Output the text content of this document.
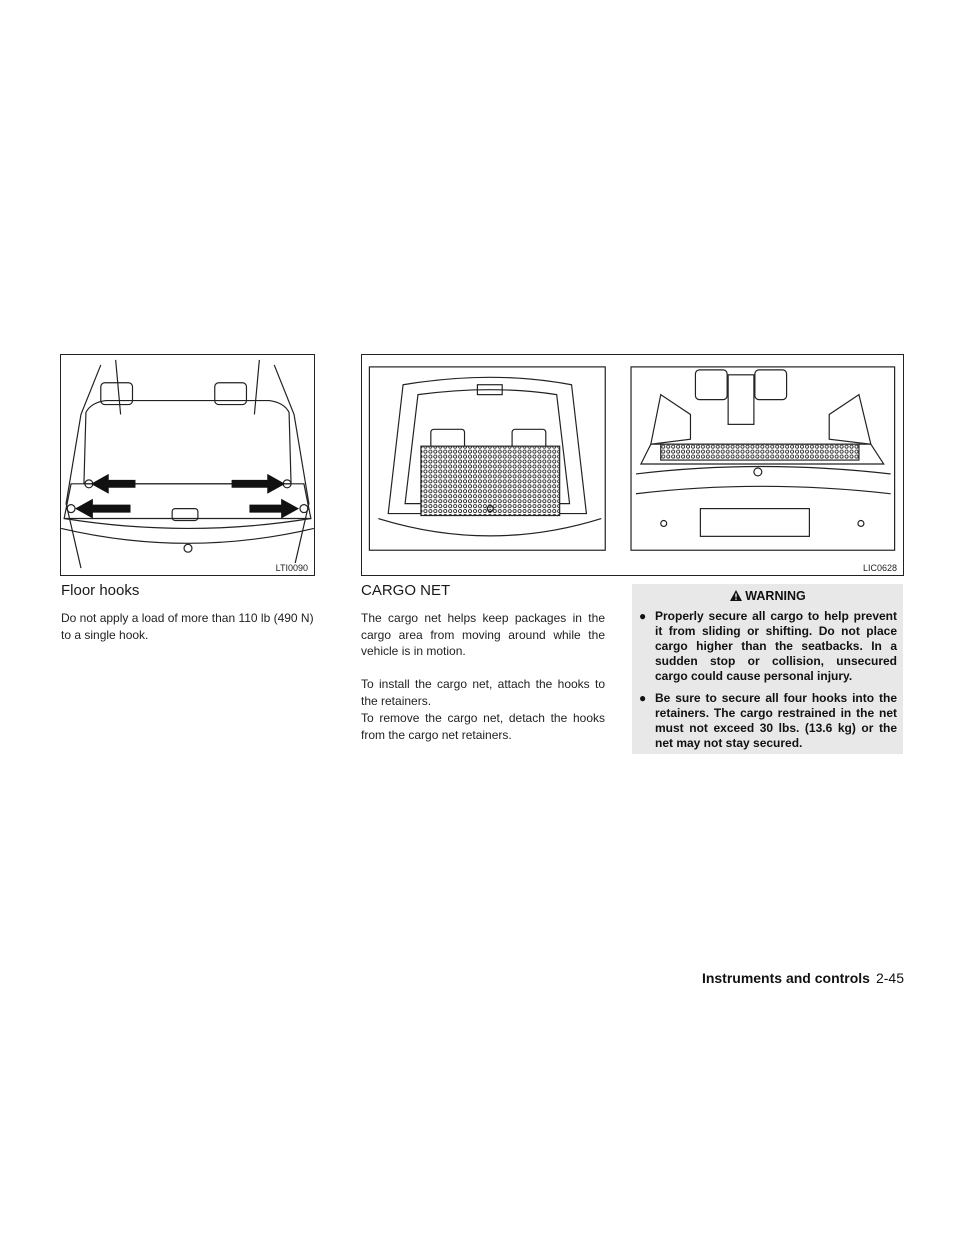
LTI0090	LIC0628
Floor hooks

Do not apply a load of more than 110 lb (490 N) to a single hook.

CARGO NET

The cargo net helps keep packages in the cargo area from moving around while the vehicle is in motion.

To install the cargo net, attach the hooks to the retainers.

To remove the cargo net, detach the hooks from the cargo net retainers.

WARNING

● Properly secure all cargo to help prevent it from sliding or shifting. Do not place cargo higher than the seatbacks. In a sudden stop or collision, unsecured cargo could cause personal injury.

● Be sure to secure all four hooks into the retainers. The cargo restrained in the net must not exceed 30 lbs. (13.6 kg) or the net may not stay secured.

Instruments and controls 2-45
